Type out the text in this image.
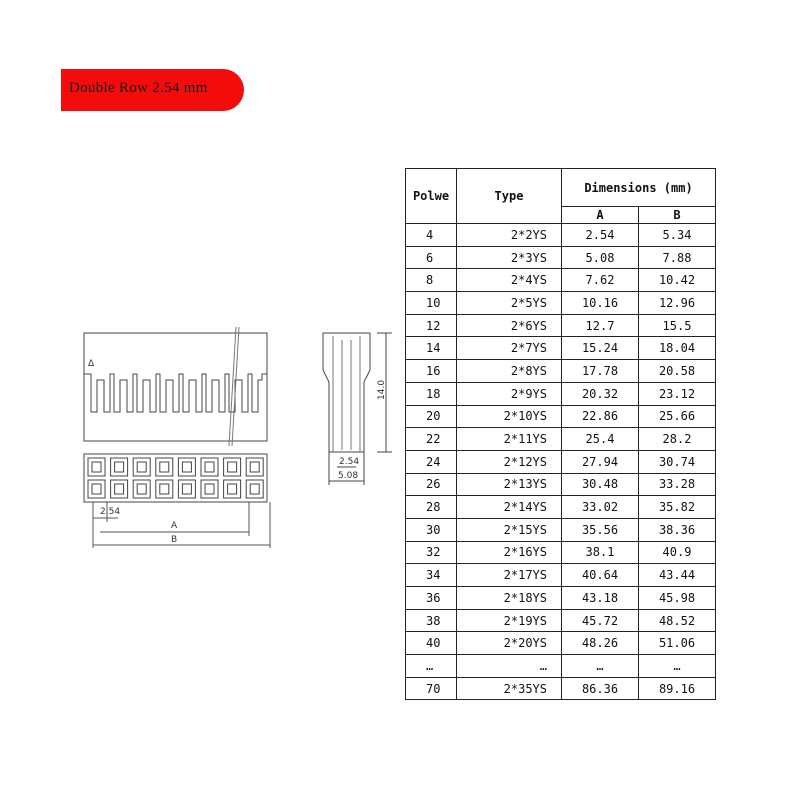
Double Row 2.54 mm
Δ
2.54
A
B
14.0
2.54
5.08
Polwe	Type	Dimensions (mm)	
		A	B
4	2*2YS	2.54	5.34
6	2*3YS	5.08	7.88
8	2*4YS	7.62	10.42
10	2*5YS	10.16	12.96
12	2*6YS	12.7	15.5
14	2*7YS	15.24	18.04
16	2*8YS	17.78	20.58
18	2*9YS	20.32	23.12
20	2*10YS	22.86	25.66
22	2*11YS	25.4	28.2
24	2*12YS	27.94	30.74
26	2*13YS	30.48	33.28
28	2*14YS	33.02	35.82
30	2*15YS	35.56	38.36
32	2*16YS	38.1	40.9
34	2*17YS	40.64	43.44
36	2*18YS	43.18	45.98
38	2*19YS	45.72	48.52
40	2*20YS	48.26	51.06
…	…	…	…
70	2*35YS	86.36	89.16
